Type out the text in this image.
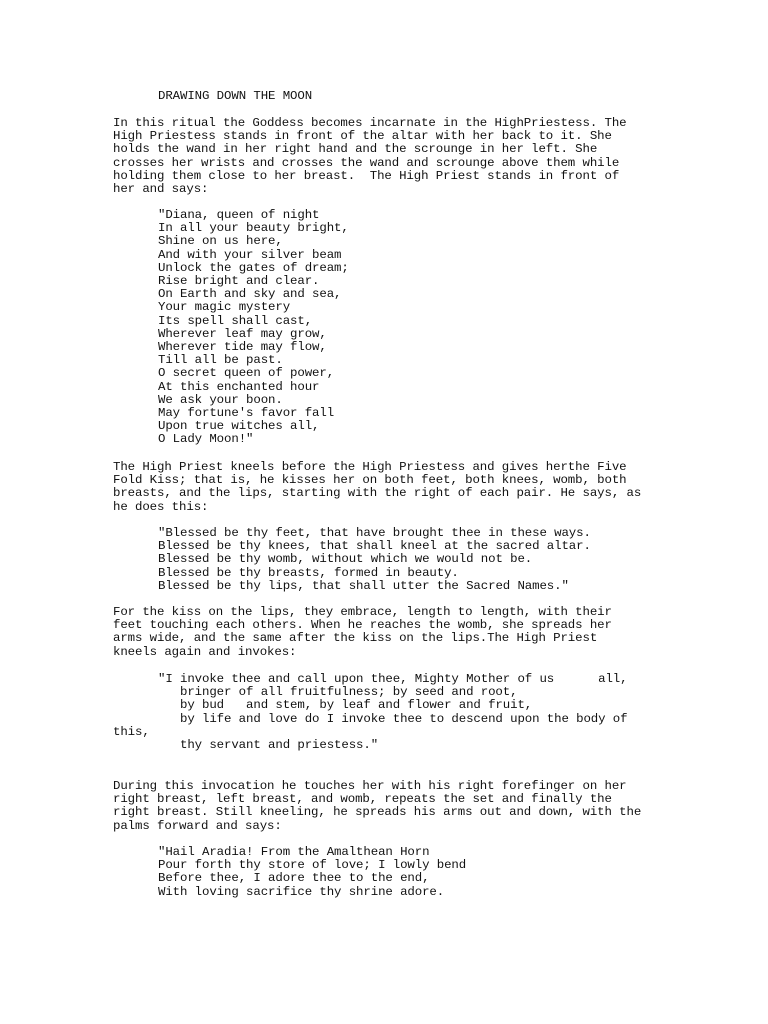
DRAWING DOWN THE MOON
In this ritual the Goddess becomes incarnate in the HighPriestess. The
High Priestess stands in front of the altar with her back to it. She
holds the wand in her right hand and the scrounge in her left. She
crosses her wrists and crosses the wand and scrounge above them while
holding them close to her breast.  The High Priest stands in front of
her and says:
"Diana, queen of night
In all your beauty bright,
Shine on us here,
And with your silver beam
Unlock the gates of dream;
Rise bright and clear.
On Earth and sky and sea,
Your magic mystery
Its spell shall cast,
Wherever leaf may grow,
Wherever tide may flow,
Till all be past.
O secret queen of power,
At this enchanted hour
We ask your boon.
May fortune's favor fall
Upon true witches all,
O Lady Moon!"
The High Priest kneels before the High Priestess and gives herthe Five
Fold Kiss; that is, he kisses her on both feet, both knees, womb, both
breasts, and the lips, starting with the right of each pair. He says, as
he does this:
"Blessed be thy feet, that have brought thee in these ways.
Blessed be thy knees, that shall kneel at the sacred altar.
Blessed be thy womb, without which we would not be.
Blessed be thy breasts, formed in beauty.
Blessed be thy lips, that shall utter the Sacred Names."
For the kiss on the lips, they embrace, length to length, with their
feet touching each others. When he reaches the womb, she spreads her
arms wide, and the same after the kiss on the lips.The High Priest
kneels again and invokes:
"I invoke thee and call upon thee, Mighty Mother of us      all,
bringer of all fruitfulness; by seed and root,
by bud   and stem, by leaf and flower and fruit,
by life and love do I invoke thee to descend upon the body of
this,
thy servant and priestess."
"Hail Aradia! From the Amalthean Horn
Pour forth thy store of love; I lowly bend
Before thee, I adore thee to the end,
With loving sacrifice thy shrine adore.
During this invocation he touches her with his right forefinger on her
right breast, left breast, and womb, repeats the set and finally the
right breast. Still kneeling, he spreads his arms out and down, with the
palms forward and says:
